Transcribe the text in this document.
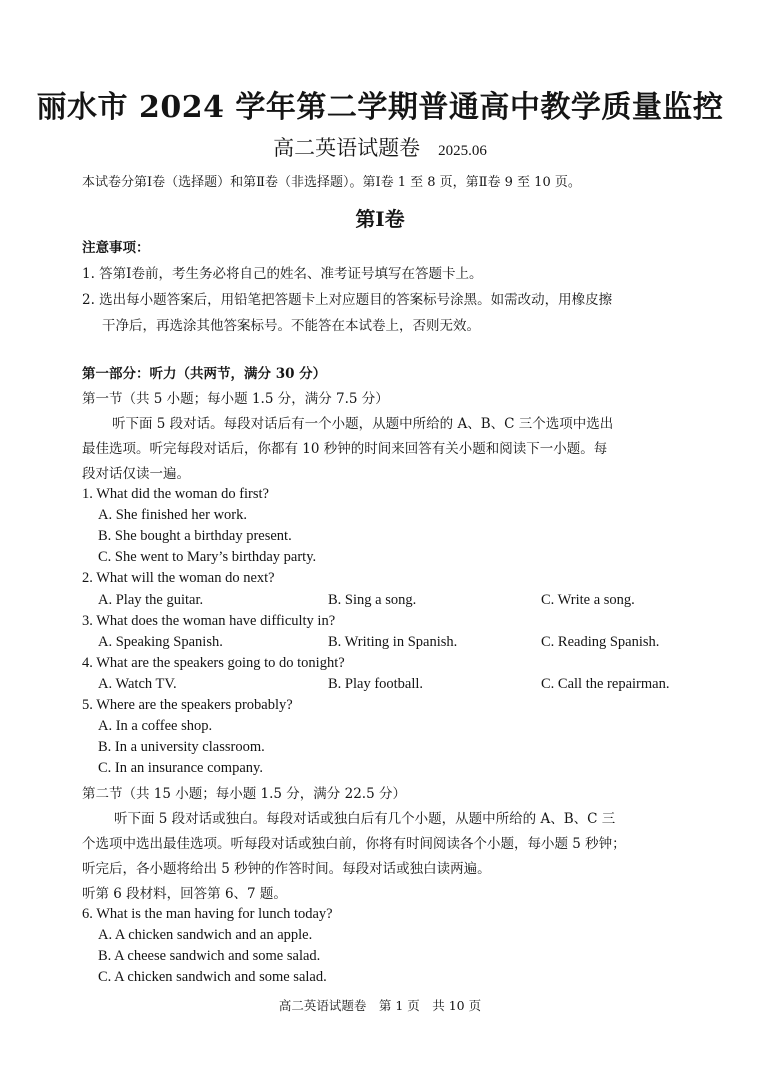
丽水市 2024 学年第二学期普通高中教学质量监控
高二英语试题卷 2025.06
本试卷分第Ⅰ卷（选择题）和第Ⅱ卷（非选择题）。第Ⅰ卷 1 至 8 页，第Ⅱ卷 9 至 10 页。
第Ⅰ卷
注意事项：
1. 答第Ⅰ卷前，考生务必将自己的姓名、准考证号填写在答题卡上。
2. 选出每小题答案后，用铅笔把答题卡上对应题目的答案标号涂黑。如需改动，用橡皮擦
干净后，再选涂其他答案标号。不能答在本试卷上，否则无效。
第一部分：听力（共两节，满分 30 分）
第一节（共 5 小题；每小题 1.5 分，满分 7.5 分）
听下面 5 段对话。每段对话后有一个小题，从题中所给的 A、B、C 三个选项中选出
最佳选项。听完每段对话后，你都有 10 秒钟的时间来回答有关小题和阅读下一小题。每
段对话仅读一遍。
1. What did the woman do first?
A. She finished her work.
B. She bought a birthday present.
C. She went to Mary’s birthday party.
2. What will the woman do next?
A. Play the guitar.	B. Sing a song.	C. Write a song.
3. What does the woman have difficulty in?
A. Speaking Spanish.	B. Writing in Spanish.	C. Reading Spanish.
4. What are the speakers going to do tonight?
A. Watch TV.	B. Play football.	C. Call the repairman.
5. Where are the speakers probably?
A. In a coffee shop.
B. In a university classroom.
C. In an insurance company.
第二节（共 15 小题；每小题 1.5 分，满分 22.5 分）
听下面 5 段对话或独白。每段对话或独白后有几个小题，从题中所给的 A、B、C 三
个选项中选出最佳选项。听每段对话或独白前，你将有时间阅读各个小题，每小题 5 秒钟；
听完后，各小题将给出 5 秒钟的作答时间。每段对话或独白读两遍。
听第 6 段材料，回答第 6、7 题。
6. What is the man having for lunch today?
A. A chicken sandwich and an apple.
B. A cheese sandwich and some salad.
C. A chicken sandwich and some salad.
高二英语试题卷　第 1 页　共 10 页
